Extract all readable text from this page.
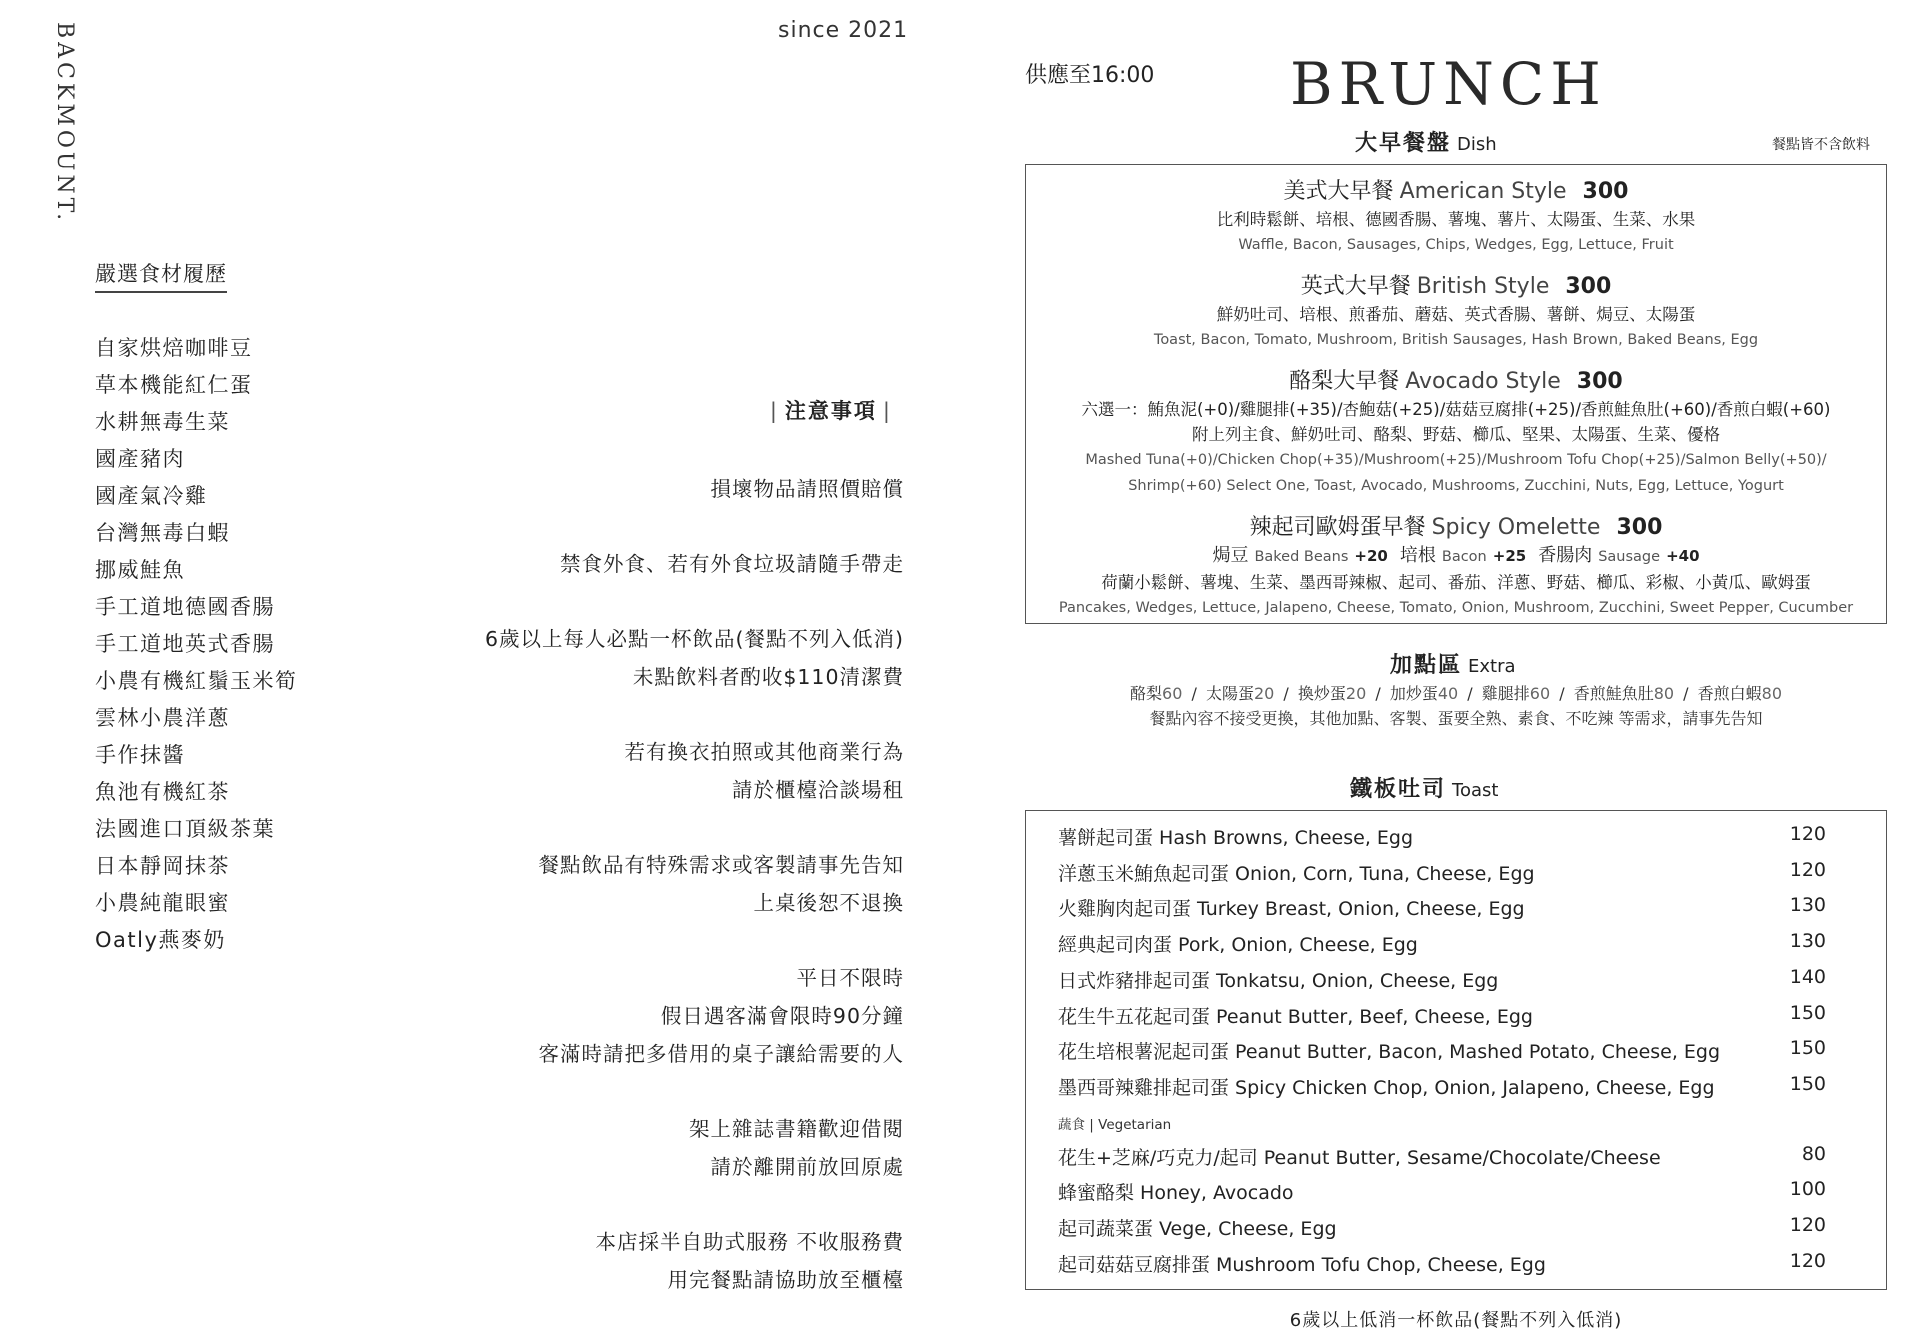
BACKMOUNT.	since 2021
嚴選食材履歷
自家烘焙咖啡豆
草本機能紅仁蛋
水耕無毒生菜
國產豬肉
國產氣冷雞
台灣無毒白蝦
挪威鮭魚
手工道地德國香腸
手工道地英式香腸
小農有機紅鬚玉米筍
雲林小農洋蔥
手作抹醬
魚池有機紅茶
法國進口頂級茶葉
日本靜岡抹茶
小農純龍眼蜜
Oatly燕麥奶
| 注意事項 |
損壞物品請照價賠償
禁食外食、若有外食垃圾請隨手帶走
6歲以上每人必點一杯飲品(餐點不列入低消)
未點飲料者酌收$110清潔費
若有換衣拍照或其他商業行為
請於櫃檯洽談場租
餐點飲品有特殊需求或客製請事先告知
上桌後恕不退換
平日不限時
假日遇客滿會限時90分鐘
客滿時請把多借用的桌子讓給需要的人
架上雜誌書籍歡迎借閱
請於離開前放回原處
本店採半自助式服務 不收服務費
用完餐點請協助放至櫃檯
供應至16:00 BRUNCH
大早餐盤 Dish	餐點皆不含飲料
美式大早餐 American Style 300
比利時鬆餅、培根、德國香腸、薯塊、薯片、太陽蛋、生菜、水果
Waffle, Bacon, Sausages, Chips, Wedges, Egg, Lettuce, Fruit
英式大早餐 British Style 300
鮮奶吐司、培根、煎番茄、蘑菇、英式香腸、薯餅、焗豆、太陽蛋
Toast, Bacon, Tomato, Mushroom, British Sausages, Hash Brown, Baked Beans, Egg
酪梨大早餐 Avocado Style 300
六選一：鮪魚泥(+0)/雞腿排(+35)/杏鮑菇(+25)/菇菇豆腐排(+25)/香煎鮭魚肚(+60)/香煎白蝦(+60)
附上列主食、鮮奶吐司、酪梨、野菇、櫛瓜、堅果、太陽蛋、生菜、優格
Mashed Tuna(+0)/Chicken Chop(+35)/Mushroom(+25)/Mushroom Tofu Chop(+25)/Salmon Belly(+50)/
Shrimp(+60) Select One, Toast, Avocado, Mushrooms, Zucchini, Nuts, Egg, Lettuce, Yogurt
辣起司歐姆蛋早餐 Spicy Omelette 300
焗豆 Baked Beans +20 培根 Bacon +25 香腸肉 Sausage +40
荷蘭小鬆餅、薯塊、生菜、墨西哥辣椒、起司、番茄、洋蔥、野菇、櫛瓜、彩椒、小黃瓜、歐姆蛋
Pancakes, Wedges, Lettuce, Jalapeno, Cheese, Tomato, Onion, Mushroom, Zucchini, Sweet Pepper, Cucumber
加點區 Extra
酪梨60 / 太陽蛋20 / 換炒蛋20 / 加炒蛋40 / 雞腿排60 / 香煎鮭魚肚80 / 香煎白蝦80
餐點內容不接受更換，其他加點、客製、蛋要全熟、素食、不吃辣 等需求，請事先告知
鐵板吐司 Toast
薯餅起司蛋 Hash Browns, Cheese, Egg	120
洋蔥玉米鮪魚起司蛋 Onion, Corn, Tuna, Cheese, Egg	120
火雞胸肉起司蛋 Turkey Breast, Onion, Cheese, Egg	130
經典起司肉蛋 Pork, Onion, Cheese, Egg	130
日式炸豬排起司蛋 Tonkatsu, Onion, Cheese, Egg	140
花生牛五花起司蛋 Peanut Butter, Beef, Cheese, Egg	150
花生培根薯泥起司蛋 Peanut Butter, Bacon, Mashed Potato, Cheese, Egg	150
墨西哥辣雞排起司蛋 Spicy Chicken Chop, Onion, Jalapeno, Cheese, Egg	150
蔬食 | Vegetarian
花生+芝麻/巧克力/起司 Peanut Butter, Sesame/Chocolate/Cheese	80
蜂蜜酪梨 Honey, Avocado	100
起司蔬菜蛋 Vege, Cheese, Egg	120
起司菇菇豆腐排蛋 Mushroom Tofu Chop, Cheese, Egg	120
6歲以上低消一杯飲品(餐點不列入低消)
